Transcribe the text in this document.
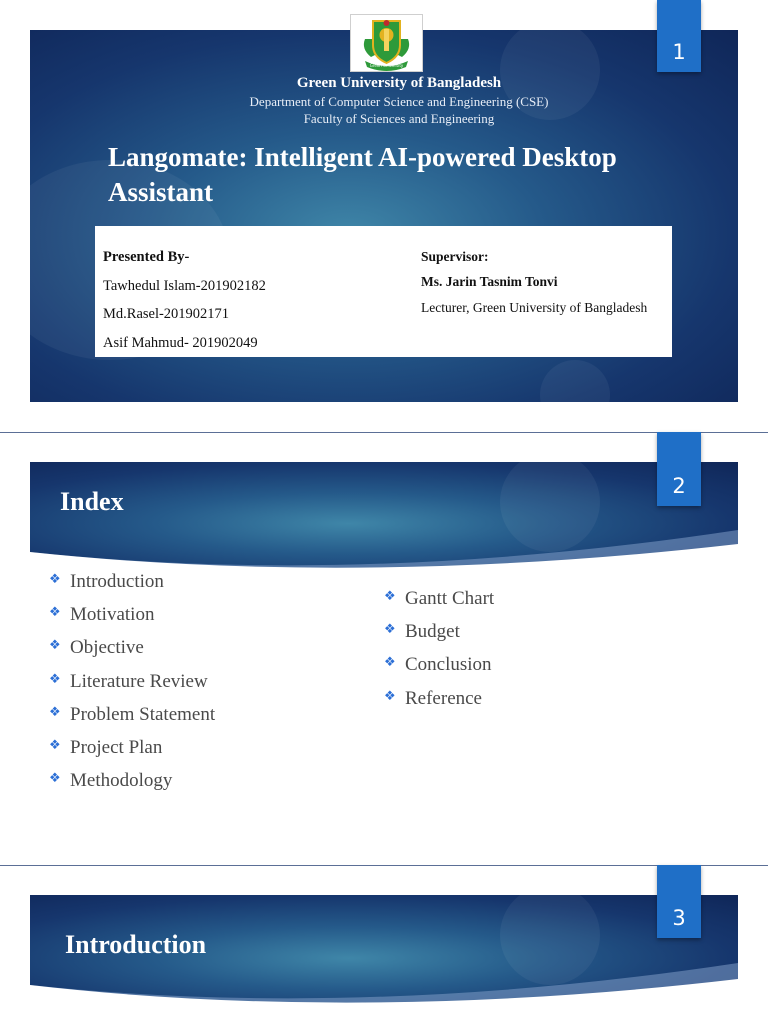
1
Green University
Green University of Bangladesh
Department of Computer Science and Engineering (CSE)
Faculty of Sciences and Engineering
Langomate: Intelligent AI-powered Desktop Assistant
Presented By-
Tawhedul Islam-201902182
Md.Rasel-201902171
Asif Mahmud- 201902049
Supervisor:
Ms. Jarin Tasnim Tonvi
Lecturer, Green University of Bangladesh
2
Index
❖ Introduction
❖ Motivation
❖ Objective
❖ Literature Review
❖ Problem Statement
❖ Project Plan
❖ Methodology
❖ Gantt Chart
❖ Budget
❖ Conclusion
❖ Reference
3
Introduction
